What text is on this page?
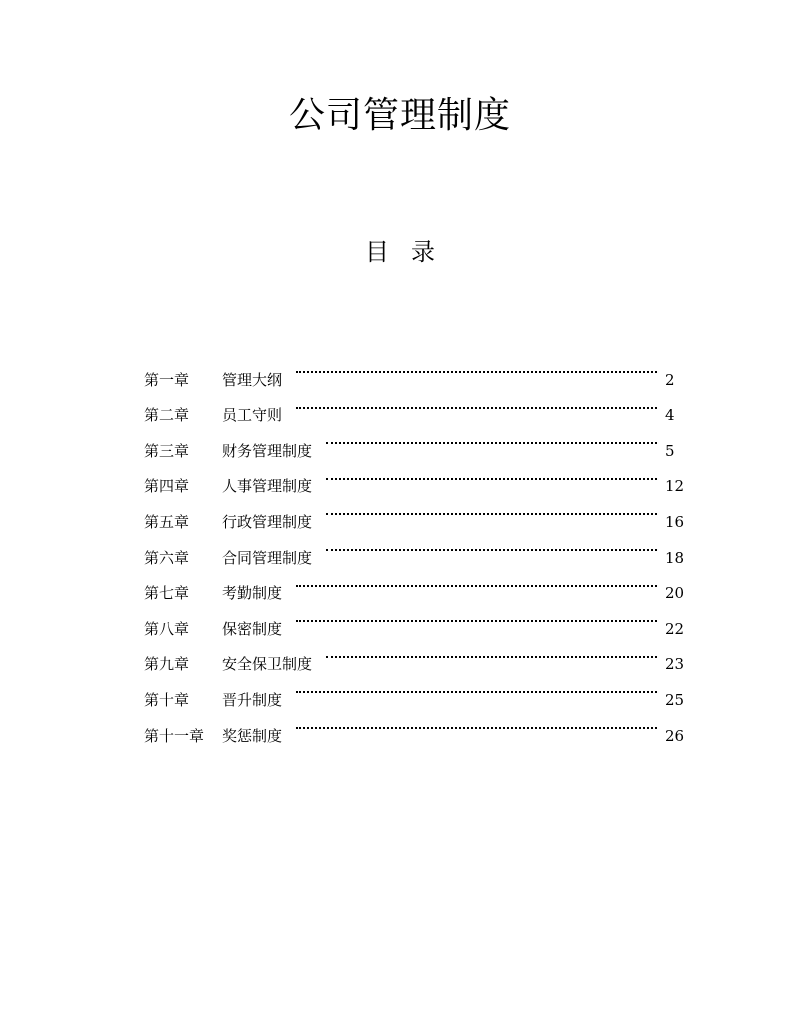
公司管理制度
目 录
第一章	管理大纲	2
第二章	员工守则	4
第三章	财务管理制度	5
第四章	人事管理制度	12
第五章	行政管理制度	16
第六章	合同管理制度	18
第七章	考勤制度	20
第八章	保密制度	22
第九章	安全保卫制度	23
第十章	晋升制度	25
第十一章	奖惩制度	26
